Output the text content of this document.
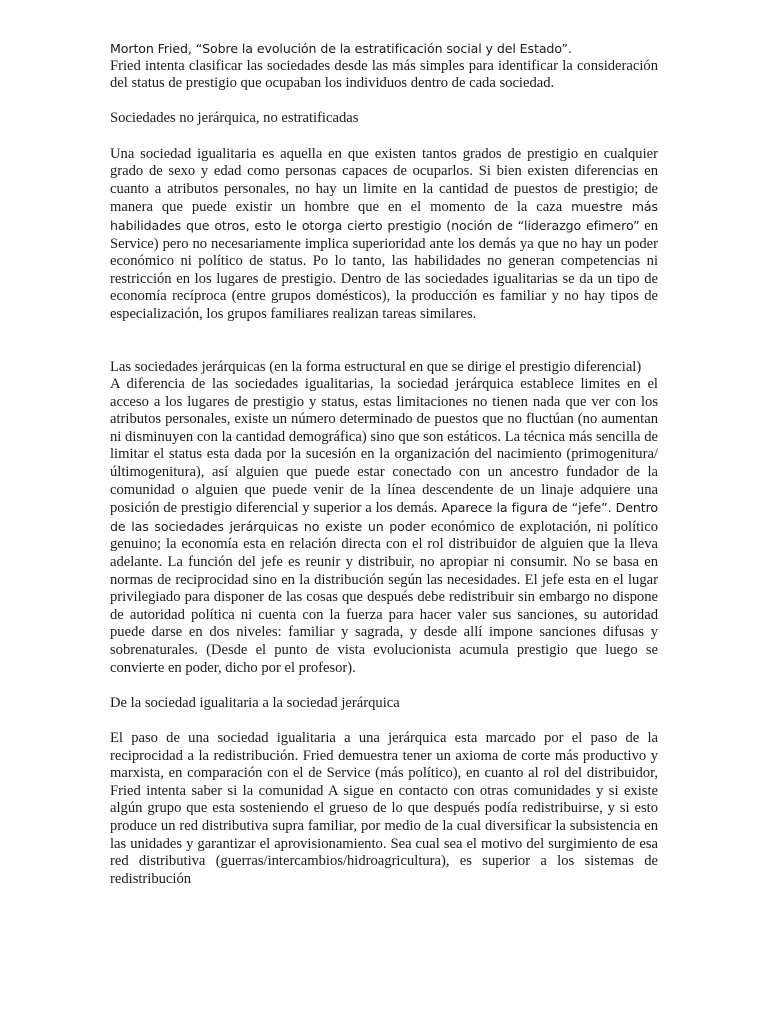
Morton Fried, “Sobre la evolución de la estratificación social y del Estado”.

Fried intenta clasificar las sociedades desde las más simples para identificar la consideración del status de prestigio que ocupaban los individuos dentro de cada sociedad.

Sociedades no jerárquica, no estratificadas

Una sociedad igualitaria es aquella en que existen tantos grados de prestigio en cualquier grado de sexo y edad como personas capaces de ocuparlos. Si bien existen diferencias en cuanto a atributos personales, no hay un limite en la cantidad de puestos de prestigio; de manera que puede existir un hombre que en el momento de la caza muestre más habilidades que otros, esto le otorga cierto prestigio (noción de “liderazgo efimero” en Service) pero no necesariamente implica superioridad ante los demás ya que no hay un poder económico ni político de status. Po lo tanto, las habilidades no generan competencias ni restricción en los lugares de prestigio. Dentro de las sociedades igualitarias se da un tipo de economía recíproca (entre grupos domésticos), la producción es familiar y no hay tipos de especialización, los grupos familiares realizan tareas similares.

Las sociedades jerárquicas (en la forma estructural en que se dirige el prestigio diferencial)

A diferencia de las sociedades igualitarias, la sociedad jerárquica establece limites en el acceso a los lugares de prestigio y status, estas limitaciones no tienen nada que ver con los atributos personales, existe un número determinado de puestos que no fluctúan (no aumentan ni disminuyen con la cantidad demográfica) sino que son estáticos. La técnica más sencilla de limitar el status esta dada por la sucesión en la organización del nacimiento (primogenitura/ últimogenitura), así alguien que puede estar conectado con un ancestro fundador de la comunidad o alguien que puede venir de la línea descendente de un linaje adquiere una posición de prestigio diferencial y superior a los demás. Aparece la figura de “jefe”. Dentro de las sociedades jerárquicas no existe un poder económico de explotación, ni político genuino; la economía esta en relación directa con el rol distribuidor de alguien que la lleva adelante. La función del jefe es reunir y distribuir, no apropiar ni consumir. No se basa en normas de reciprocidad sino en la distribución según las necesidades. El jefe esta en el lugar privilegiado para disponer de las cosas que después debe redistribuir sin embargo no dispone de autoridad política ni cuenta con la fuerza para hacer valer sus sanciones, su autoridad puede darse en dos niveles: familiar y sagrada, y desde allí impone sanciones difusas y sobrenaturales. (Desde el punto de vista evolucionista acumula prestigio que luego se convierte en poder, dicho por el profesor).

De la sociedad igualitaria a la sociedad jerárquica

El paso de una sociedad igualitaria a una jerárquica esta marcado por el paso de la reciprocidad a la redistribución. Fried demuestra tener un axioma de corte más productivo y marxista, en comparación con el de Service (más político), en cuanto al rol del distribuidor, Fried intenta saber si la comunidad A sigue en contacto con otras comunidades y si existe algún grupo que esta sosteniendo el grueso de lo que después podía redistribuirse, y si esto produce un red distributiva supra familiar, por medio de la cual diversificar la subsistencia en las unidades y garantizar el aprovisionamiento. Sea cual sea el motivo del surgimiento de esa red distributiva (guerras/intercambios/hidroagricultura), es superior a los sistemas de redistribución
